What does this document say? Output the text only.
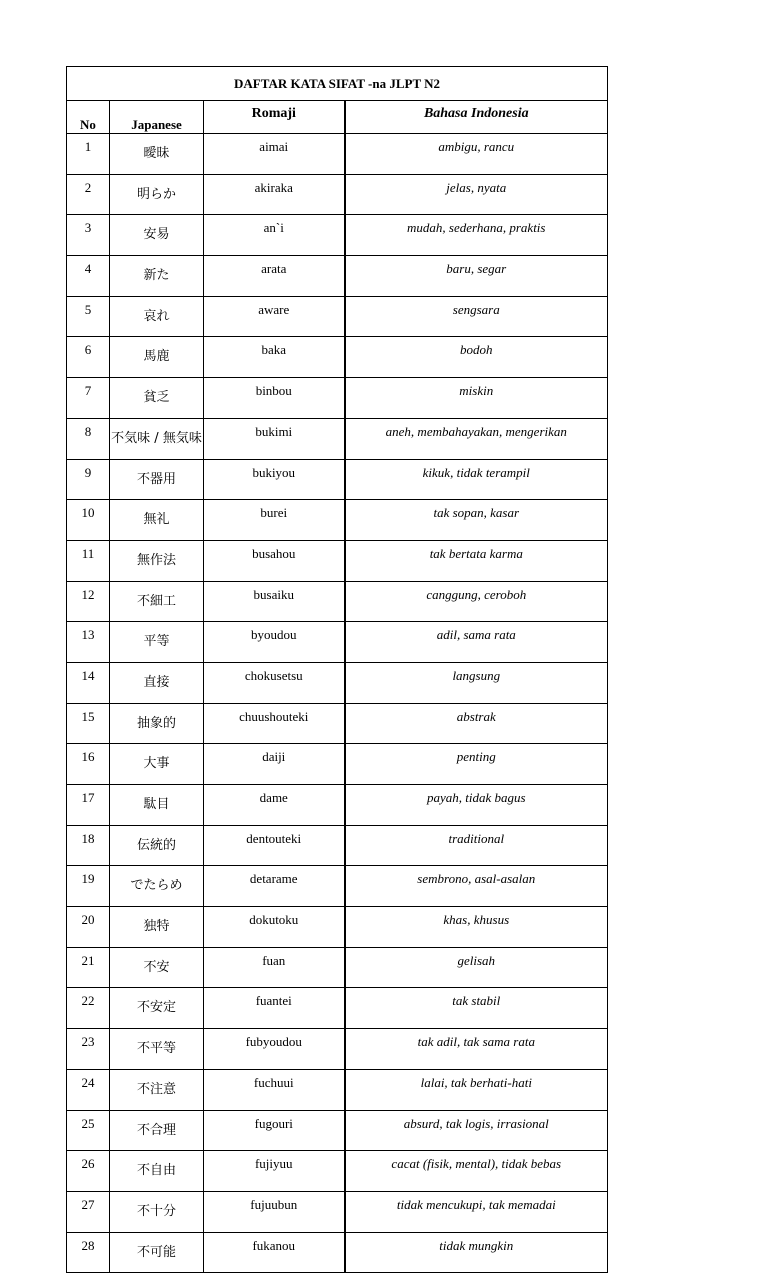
DAFTAR KATA SIFAT -na JLPT N2			
No	Japanese	Romaji	Bahasa Indonesia
1	曖昧	aimai	ambigu, rancu
2	明らか	akiraka	jelas, nyata
3	安易	an`i	mudah, sederhana, praktis
4	新た	arata	baru, segar
5	哀れ	aware	sengsara
6	馬鹿	baka	bodoh
7	貧乏	binbou	miskin
8	不気味 / 無気味	bukimi	aneh, membahayakan, mengerikan
9	不器用	bukiyou	kikuk, tidak terampil
10	無礼	burei	tak sopan, kasar
11	無作法	busahou	tak bertata karma
12	不細工	busaiku	canggung, ceroboh
13	平等	byoudou	adil, sama rata
14	直接	chokusetsu	langsung
15	抽象的	chuushouteki	abstrak
16	大事	daiji	penting
17	駄目	dame	payah, tidak bagus
18	伝統的	dentouteki	traditional
19	でたらめ	detarame	sembrono, asal-asalan
20	独特	dokutoku	khas, khusus
21	不安	fuan	gelisah
22	不安定	fuantei	tak stabil
23	不平等	fubyoudou	tak adil, tak sama rata
24	不注意	fuchuui	lalai, tak berhati-hati
25	不合理	fugouri	absurd, tak logis, irrasional
26	不自由	fujiyuu	cacat (fisik, mental), tidak bebas
27	不十分	fujuubun	tidak mencukupi, tak memadai
28	不可能	fukanou	tidak mungkin
